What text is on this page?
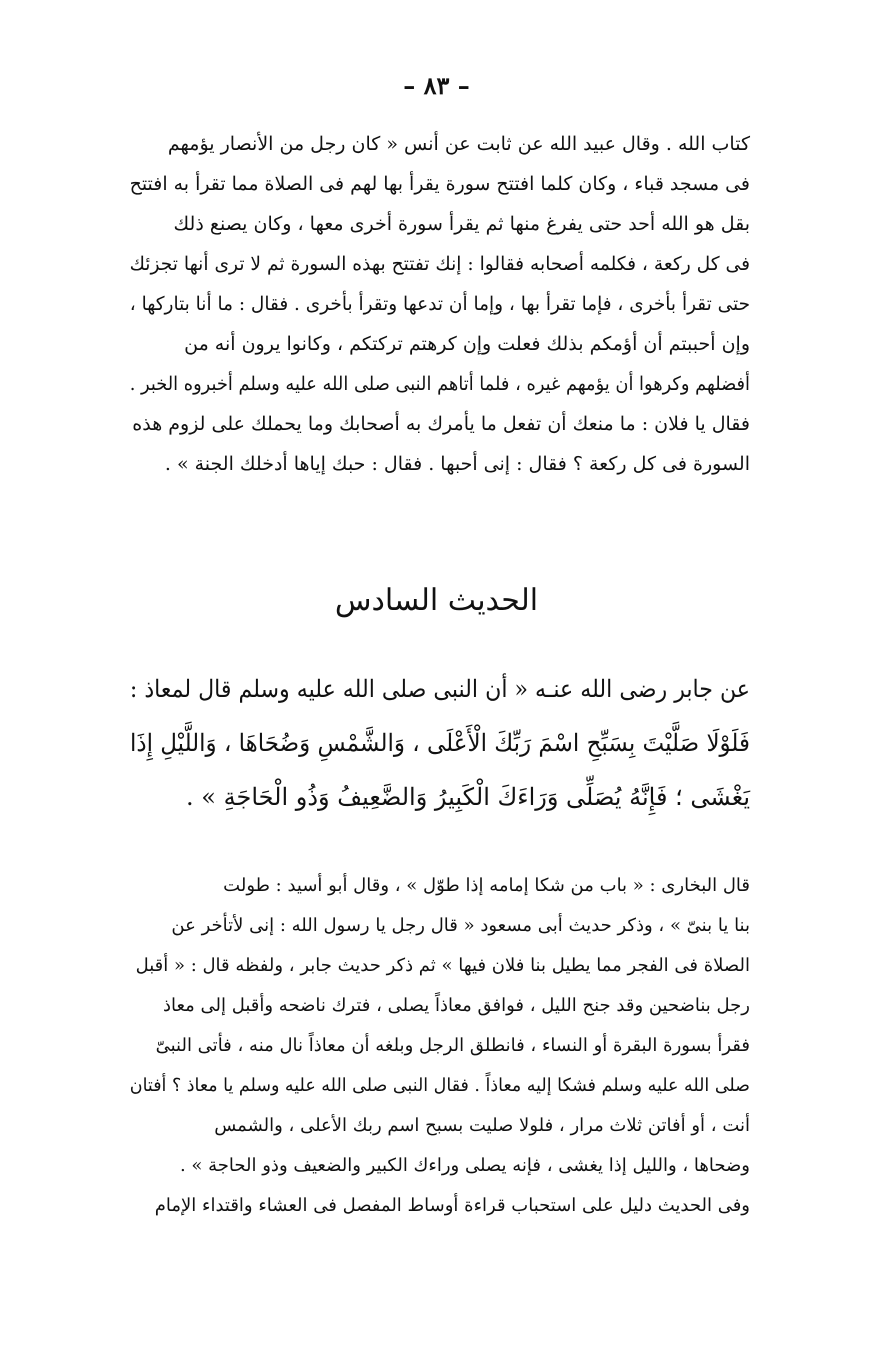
– ٨٣ –
كتاب الله . وقال عبيد الله عن ثابت عن أنس « كان رجل من الأنصار يؤمهم
فى مسجد قباء ، وكان كلما افتتح سورة يقرأ بها لهم فى الصلاة مما تقرأ به افتتح
بقل هو الله أحد حتى يفرغ منها ثم يقرأ سورة أخرى معها ، وكان يصنع ذلك
فى كل ركعة ، فكلمه أصحابه فقالوا : إنك تفتتح بهذه السورة ثم لا ترى أنها تجزئك
حتى تقرأ بأخرى ، فإما تقرأ بها ، وإما أن تدعها وتقرأ بأخرى . فقال : ما أنا بتاركها ،
وإن أحببتم أن أؤمكم بذلك فعلت وإن كرهتم تركتكم ، وكانوا يرون أنه من
أفضلهم وكرهوا أن يؤمهم غيره ، فلما أتاهم النبى صلى الله عليه وسلم أخبروه الخبر .
فقال يا فلان : ما منعك أن تفعل ما يأمرك به أصحابك وما يحملك على لزوم هذه
السورة فى كل ركعة ؟ فقال : إنى أحبها . فقال : حبك إياها أدخلك الجنة » .
الحديث السادس
عن جابر رضى الله عنـه « أن النبى صلى الله عليه وسلم قال لمعاذ :
فَلَوْلَا صَلَّيْتَ بِسَبِّحِ اسْمَ رَبِّكَ الْأَعْلَى ، وَالشَّمْسِ وَضُحَاهَا ، وَاللَّيْلِ إِذَا
يَغْشَى ؛ فَإِنَّهُ يُصَلِّى وَرَاءَكَ الْكَبِيرُ وَالضَّعِيفُ وَذُو الْحَاجَةِ » .
قال البخارى : « باب من شكا إمامه إذا طوّل » ، وقال أبو أسيد : طولت
بنا يا بنىّ » ، وذكر حديث أبى مسعود « قال رجل يا رسول الله : إنى لأتأخر عن
الصلاة فى الفجر مما يطيل بنا فلان فيها » ثم ذكر حديث جابر ، ولفظه قال : « أقبل
رجل بناضحين وقد جنح الليل ، فوافق معاذاً يصلى ، فترك ناضحه وأقبل إلى معاذ
فقرأ بسورة البقرة أو النساء ، فانطلق الرجل وبلغه أن معاذاً نال منه ، فأتى النبىّ
صلى الله عليه وسلم فشكا إليه معاذاً . فقال النبى صلى الله عليه وسلم يا معاذ ؟ أفتان
أنت ، أو أفاتن ثلاث مرار ، فلولا صليت بسبح اسم ربك الأعلى ، والشمس
وضحاها ، والليل إذا يغشى ، فإنه يصلى وراءك الكبير والضعيف وذو الحاجة » .
وفى الحديث دليل على استحباب قراءة أوساط المفصل فى العشاء واقتداء الإمام
